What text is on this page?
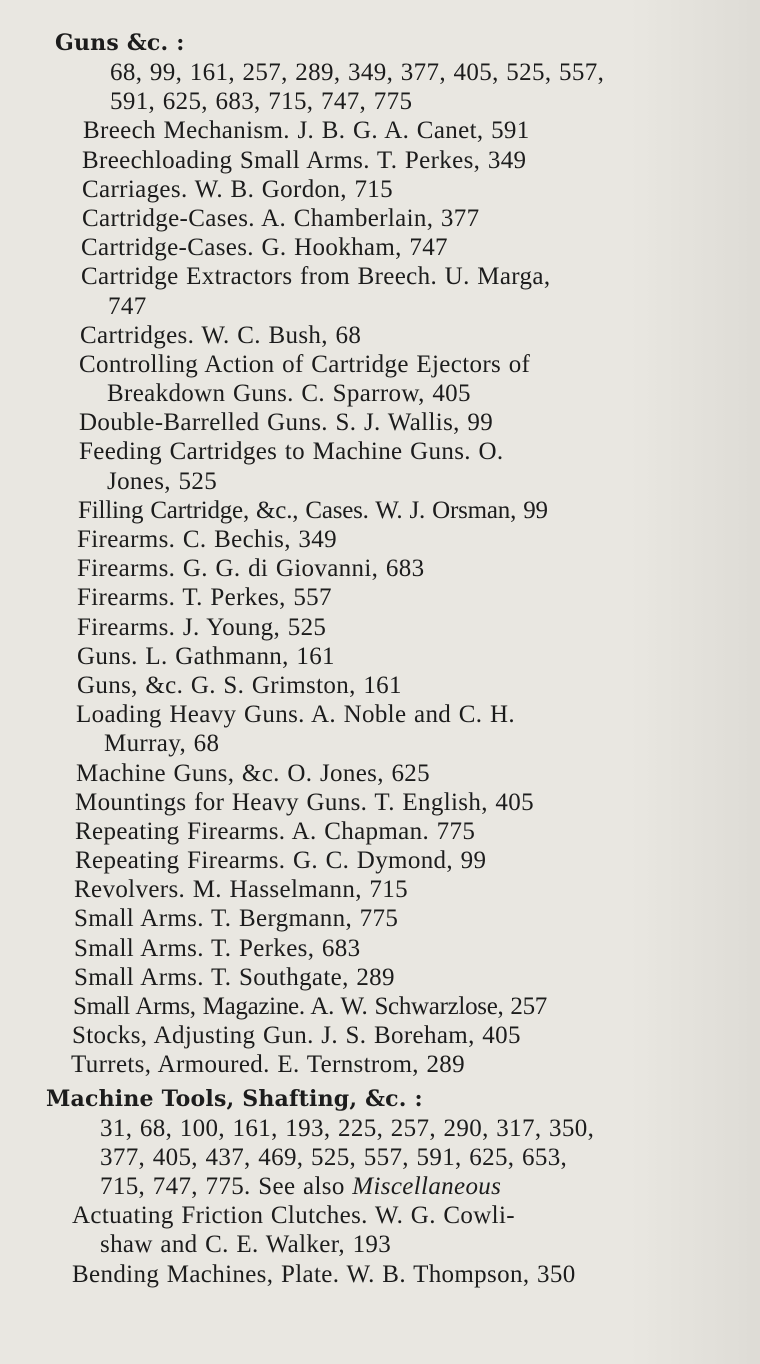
Guns &c. :
68, 99, 161, 257, 289, 349, 377, 405, 525, 557,
591, 625, 683, 715, 747, 775
Breech Mechanism. J. B. G. A. Canet, 591
Breechloading Small Arms. T. Perkes, 349
Carriages. W. B. Gordon, 715
Cartridge-Cases. A. Chamberlain, 377
Cartridge-Cases. G. Hookham, 747
Cartridge Extractors from Breech. U. Marga,
747
Cartridges. W. C. Bush, 68
Controlling Action of Cartridge Ejectors of
Breakdown Guns. C. Sparrow, 405
Double-Barrelled Guns. S. J. Wallis, 99
Feeding Cartridges to Machine Guns. O.
Jones, 525
Filling Cartridge, &c., Cases. W. J. Orsman, 99
Firearms. C. Bechis, 349
Firearms. G. G. di Giovanni, 683
Firearms. T. Perkes, 557
Firearms. J. Young, 525
Guns. L. Gathmann, 161
Guns, &c. G. S. Grimston, 161
Loading Heavy Guns. A. Noble and C. H.
Murray, 68
Machine Guns, &c. O. Jones, 625
Mountings for Heavy Guns. T. English, 405
Repeating Firearms. A. Chapman. 775
Repeating Firearms. G. C. Dymond, 99
Revolvers. M. Hasselmann, 715
Small Arms. T. Bergmann, 775
Small Arms. T. Perkes, 683
Small Arms. T. Southgate, 289
Small Arms, Magazine. A. W. Schwarzlose, 257
Stocks, Adjusting Gun. J. S. Boreham, 405
Turrets, Armoured. E. Ternstrom, 289
Machine Tools, Shafting, &c. :
31, 68, 100, 161, 193, 225, 257, 290, 317, 350,
377, 405, 437, 469, 525, 557, 591, 625, 653,
715, 747, 775. See also Miscellaneous
Actuating Friction Clutches. W. G. Cowli-
shaw and C. E. Walker, 193
Bending Machines, Plate. W. B. Thompson, 350
